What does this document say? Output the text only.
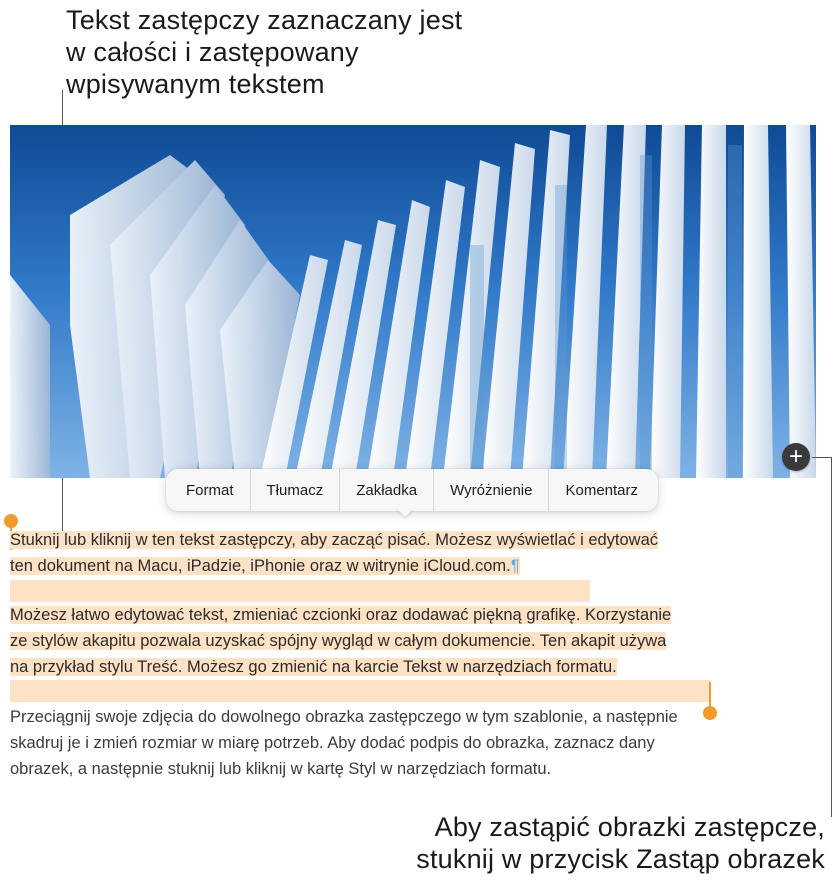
Tekst zastępczy zaznaczany jest w całości i zastępowany wpisywanym tekstem
+
Format	Tłumacz	Zakładka	Wyróżnienie	Komentarz
Stuknij lub kliknij w ten tekst zastępczy, aby zacząć pisać. Możesz wyświetlać i edytować
ten dokument na Macu, iPadzie, iPhonie oraz w witrynie iCloud.com.¶
Możesz łatwo edytować tekst, zmieniać czcionki oraz dodawać piękną grafikę. Korzystanie
ze stylów akapitu pozwala uzyskać spójny wygląd w całym dokumencie. Ten akapit używa
na przykład stylu Treść. Możesz go zmienić na karcie Tekst w narzędziach formatu.
Przeciągnij swoje zdjęcia do dowolnego obrazka zastępczego w tym szablonie, a następnie
skadruj je i zmień rozmiar w miarę potrzeb. Aby dodać podpis do obrazka, zaznacz dany
obrazek, a następnie stuknij lub kliknij w kartę Styl w narzędziach formatu.
Aby zastąpić obrazki zastępcze,
stuknij w przycisk Zastąp obrazek
